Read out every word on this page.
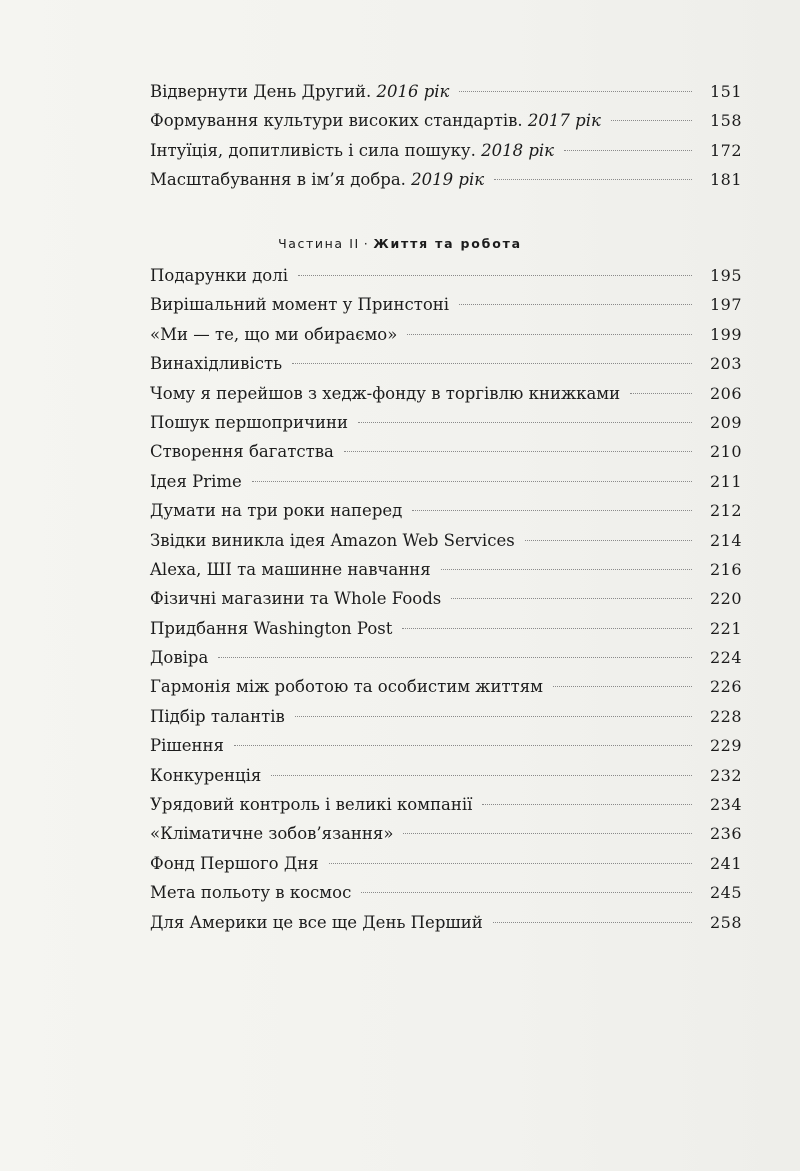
Відвернути День Другий. 2016 рік	151
Формування культури високих стандартів. 2017 рік	158
Інтуїція, допитливість і сила пошуку. 2018 рік	172
Масштабування в ім’я добра. 2019 рік	181
Частина II · Життя та робота
Подарунки долі	195
Вирішальний момент у Принстоні	197
«Ми — те, що ми обираємо»	199
Винахідливість	203
Чому я перейшов з хедж-фонду в торгівлю книжками	206
Пошук першопричини	209
Створення багатства	210
Ідея Prime	211
Думати на три роки наперед	212
Звідки виникла ідея Amazon Web Services	214
Alexa, ШІ та машинне навчання	216
Фізичні магазини та Whole Foods	220
Придбання Washington Post	221
Довіра	224
Гармонія між роботою та особистим життям	226
Підбір талантів	228
Рішення	229
Конкуренція	232
Урядовий контроль і великі компанії	234
«Кліматичне зобов’язання»	236
Фонд Першого Дня	241
Мета польоту в космос	245
Для Америки це все ще День Перший	258
